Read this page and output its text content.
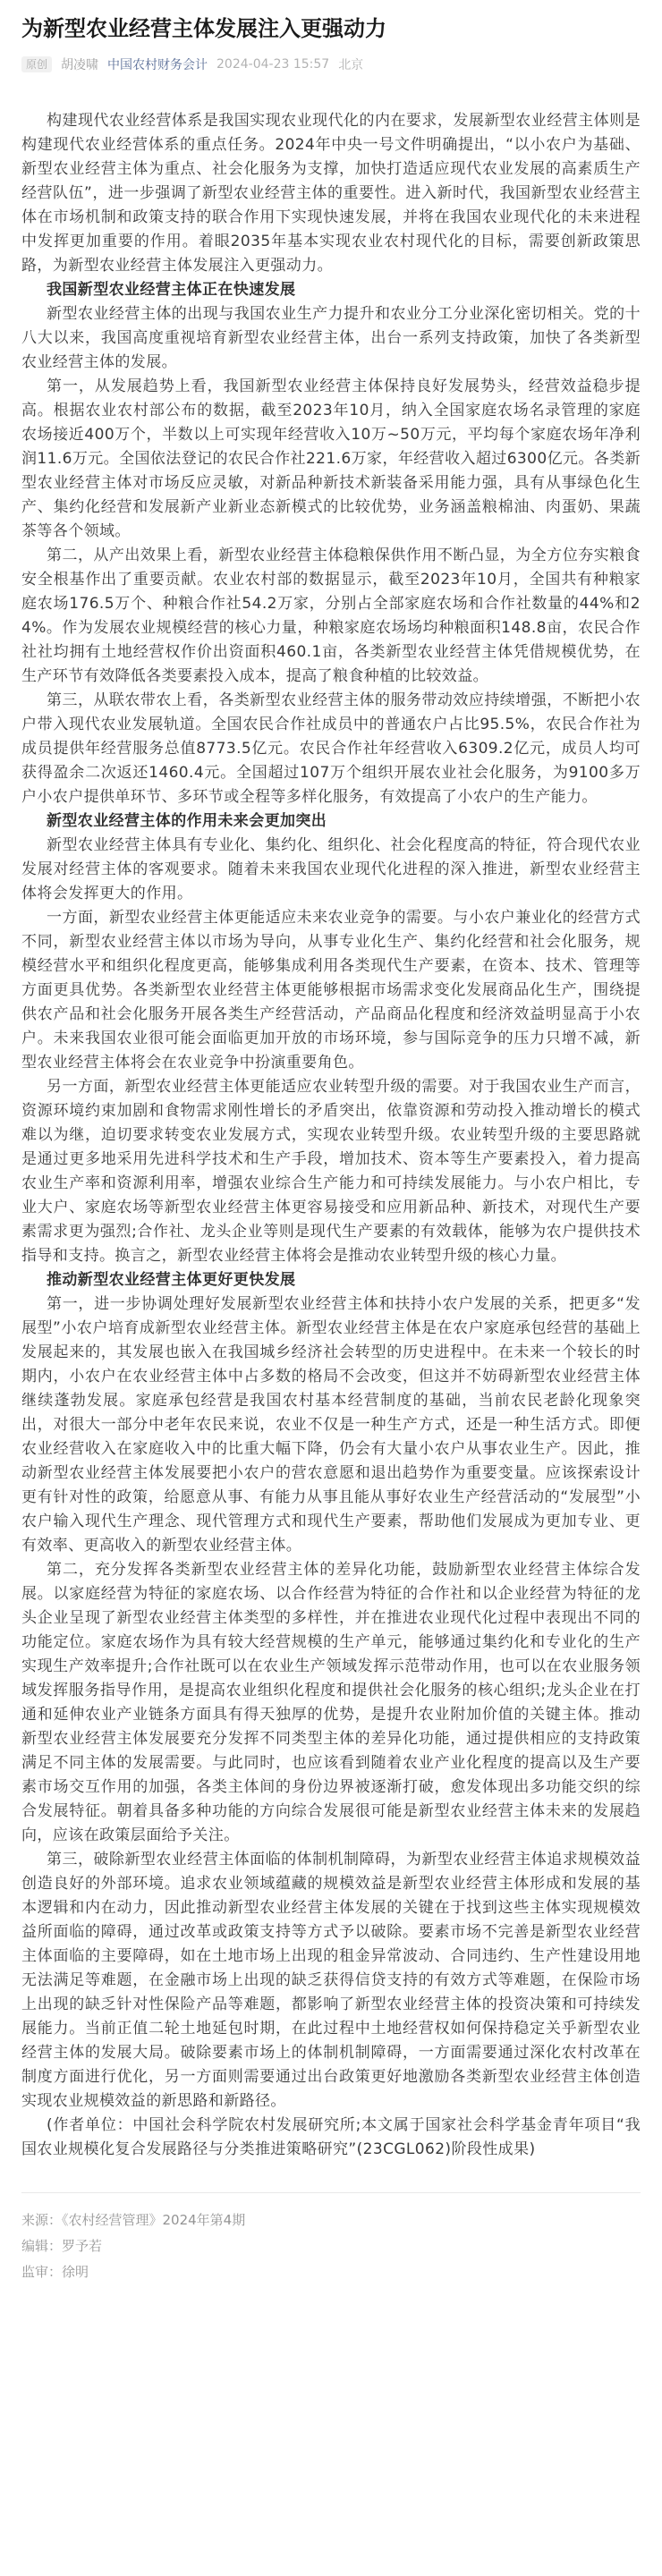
为新型农业经营主体发展注入更强动力
原创	胡凌啸 中国农村财务会计 2024-04-23 15:57 北京

构建现代农业经营体系是我国实现农业现代化的内在要求，发展新型农业经营主体则是构建现代农业经营体系的重点任务。2024年中央一号文件明确提出，“以小农户为基础、新型农业经营主体为重点、社会化服务为支撑，加快打造适应现代农业发展的高素质生产经营队伍”，进一步强调了新型农业经营主体的重要性。进入新时代，我国新型农业经营主体在市场机制和政策支持的联合作用下实现快速发展，并将在我国农业现代化的未来进程中发挥更加重要的作用。着眼2035年基本实现农业农村现代化的目标，需要创新政策思路，为新型农业经营主体发展注入更强动力。

我国新型农业经营主体正在快速发展

新型农业经营主体的出现与我国农业生产力提升和农业分工分业深化密切相关。党的十八大以来，我国高度重视培育新型农业经营主体，出台一系列支持政策，加快了各类新型农业经营主体的发展。

第一，从发展趋势上看，我国新型农业经营主体保持良好发展势头，经营效益稳步提高。根据农业农村部公布的数据，截至2023年10月，纳入全国家庭农场名录管理的家庭农场接近400万个，半数以上可实现年经营收入10万~50万元，平均每个家庭农场年净利润11.6万元。全国依法登记的农民合作社221.6万家，年经营收入超过6300亿元。各类新型农业经营主体对市场反应灵敏，对新品种新技术新装备采用能力强，具有从事绿色化生产、集约化经营和发展新产业新业态新模式的比较优势，业务涵盖粮棉油、肉蛋奶、果蔬茶等各个领域。

第二，从产出效果上看，新型农业经营主体稳粮保供作用不断凸显，为全方位夯实粮食安全根基作出了重要贡献。农业农村部的数据显示，截至2023年10月，全国共有种粮家庭农场176.5万个、种粮合作社54.2万家，分别占全部家庭农场和合作社数量的44%和24%。作为发展农业规模经营的核心力量，种粮家庭农场场均种粮面积148.8亩，农民合作社社均拥有土地经营权作价出资面积460.1亩，各类新型农业经营主体凭借规模优势，在生产环节有效降低各类要素投入成本，提高了粮食种植的比较效益。

第三，从联农带农上看，各类新型农业经营主体的服务带动效应持续增强，不断把小农户带入现代农业发展轨道。全国农民合作社成员中的普通农户占比95.5%，农民合作社为成员提供年经营服务总值8773.5亿元。农民合作社年经营收入6309.2亿元，成员人均可获得盈余二次返还1460.4元。全国超过107万个组织开展农业社会化服务，为9100多万户小农户提供单环节、多环节或全程等多样化服务，有效提高了小农户的生产能力。

新型农业经营主体的作用未来会更加突出

新型农业经营主体具有专业化、集约化、组织化、社会化程度高的特征，符合现代农业发展对经营主体的客观要求。随着未来我国农业现代化进程的深入推进，新型农业经营主体将会发挥更大的作用。

一方面，新型农业经营主体更能适应未来农业竞争的需要。与小农户兼业化的经营方式不同，新型农业经营主体以市场为导向，从事专业化生产、集约化经营和社会化服务，规模经营水平和组织化程度更高，能够集成利用各类现代生产要素，在资本、技术、管理等方面更具优势。各类新型农业经营主体更能够根据市场需求变化发展商品化生产，围绕提供农产品和社会化服务开展各类生产经营活动，产品商品化程度和经济效益明显高于小农户。未来我国农业很可能会面临更加开放的市场环境，参与国际竞争的压力只增不减，新型农业经营主体将会在农业竞争中扮演重要角色。

另一方面，新型农业经营主体更能适应农业转型升级的需要。对于我国农业生产而言，资源环境约束加剧和食物需求刚性增长的矛盾突出，依靠资源和劳动投入推动增长的模式难以为继，迫切要求转变农业发展方式，实现农业转型升级。农业转型升级的主要思路就是通过更多地采用先进科学技术和生产手段，增加技术、资本等生产要素投入，着力提高农业生产率和资源利用率，增强农业综合生产能力和可持续发展能力。与小农户相比，专业大户、家庭农场等新型农业经营主体更容易接受和应用新品种、新技术，对现代生产要素需求更为强烈;合作社、龙头企业等则是现代生产要素的有效载体，能够为农户提供技术指导和支持。换言之，新型农业经营主体将会是推动农业转型升级的核心力量。

推动新型农业经营主体更好更快发展

第一，进一步协调处理好发展新型农业经营主体和扶持小农户发展的关系，把更多“发展型”小农户培育成新型农业经营主体。新型农业经营主体是在农户家庭承包经营的基础上发展起来的，其发展也嵌入在我国城乡经济社会转型的历史进程中。在未来一个较长的时期内，小农户在农业经营主体中占多数的格局不会改变，但这并不妨碍新型农业经营主体继续蓬勃发展。家庭承包经营是我国农村基本经营制度的基础，当前农民老龄化现象突出，对很大一部分中老年农民来说，农业不仅是一种生产方式，还是一种生活方式。即便农业经营收入在家庭收入中的比重大幅下降，仍会有大量小农户从事农业生产。因此，推动新型农业经营主体发展要把小农户的营农意愿和退出趋势作为重要变量。应该探索设计更有针对性的政策，给愿意从事、有能力从事且能从事好农业生产经营活动的“发展型”小农户输入现代生产理念、现代管理方式和现代生产要素，帮助他们发展成为更加专业、更有效率、更高收入的新型农业经营主体。

第二，充分发挥各类新型农业经营主体的差异化功能，鼓励新型农业经营主体综合发展。以家庭经营为特征的家庭农场、以合作经营为特征的合作社和以企业经营为特征的龙头企业呈现了新型农业经营主体类型的多样性，并在推进农业现代化过程中表现出不同的功能定位。家庭农场作为具有较大经营规模的生产单元，能够通过集约化和专业化的生产实现生产效率提升;合作社既可以在农业生产领域发挥示范带动作用，也可以在农业服务领域发挥服务指导作用，是提高农业组织化程度和提供社会化服务的核心组织;龙头企业在打通和延伸农业产业链条方面具有得天独厚的优势，是提升农业附加价值的关键主体。推动新型农业经营主体发展要充分发挥不同类型主体的差异化功能，通过提供相应的支持政策满足不同主体的发展需要。与此同时，也应该看到随着农业产业化程度的提高以及生产要素市场交互作用的加强，各类主体间的身份边界被逐渐打破，愈发体现出多功能交织的综合发展特征。朝着具备多种功能的方向综合发展很可能是新型农业经营主体未来的发展趋向，应该在政策层面给予关注。

第三，破除新型农业经营主体面临的体制机制障碍，为新型农业经营主体追求规模效益创造良好的外部环境。追求农业领域蕴藏的规模效益是新型农业经营主体形成和发展的基本逻辑和内在动力，因此推动新型农业经营主体发展的关键在于找到这些主体实现规模效益所面临的障碍，通过改革或政策支持等方式予以破除。要素市场不完善是新型农业经营主体面临的主要障碍，如在土地市场上出现的租金异常波动、合同违约、生产性建设用地无法满足等难题，在金融市场上出现的缺乏获得信贷支持的有效方式等难题，在保险市场上出现的缺乏针对性保险产品等难题，都影响了新型农业经营主体的投资决策和可持续发展能力。当前正值二轮土地延包时期，在此过程中土地经营权如何保持稳定关乎新型农业经营主体的发展大局。破除要素市场上的体制机制障碍，一方面需要通过深化农村改革在制度方面进行优化，另一方面则需要通过出台政策更好地激励各类新型农业经营主体创造实现农业规模效益的新思路和新路径。

(作者单位：中国社会科学院农村发展研究所;本文属于国家社会科学基金青年项目“我国农业规模化复合发展路径与分类推进策略研究”(23CGL062)阶段性成果)

来源：《农村经营管理》2024年第4期

编辑：罗予若

监审：徐明
